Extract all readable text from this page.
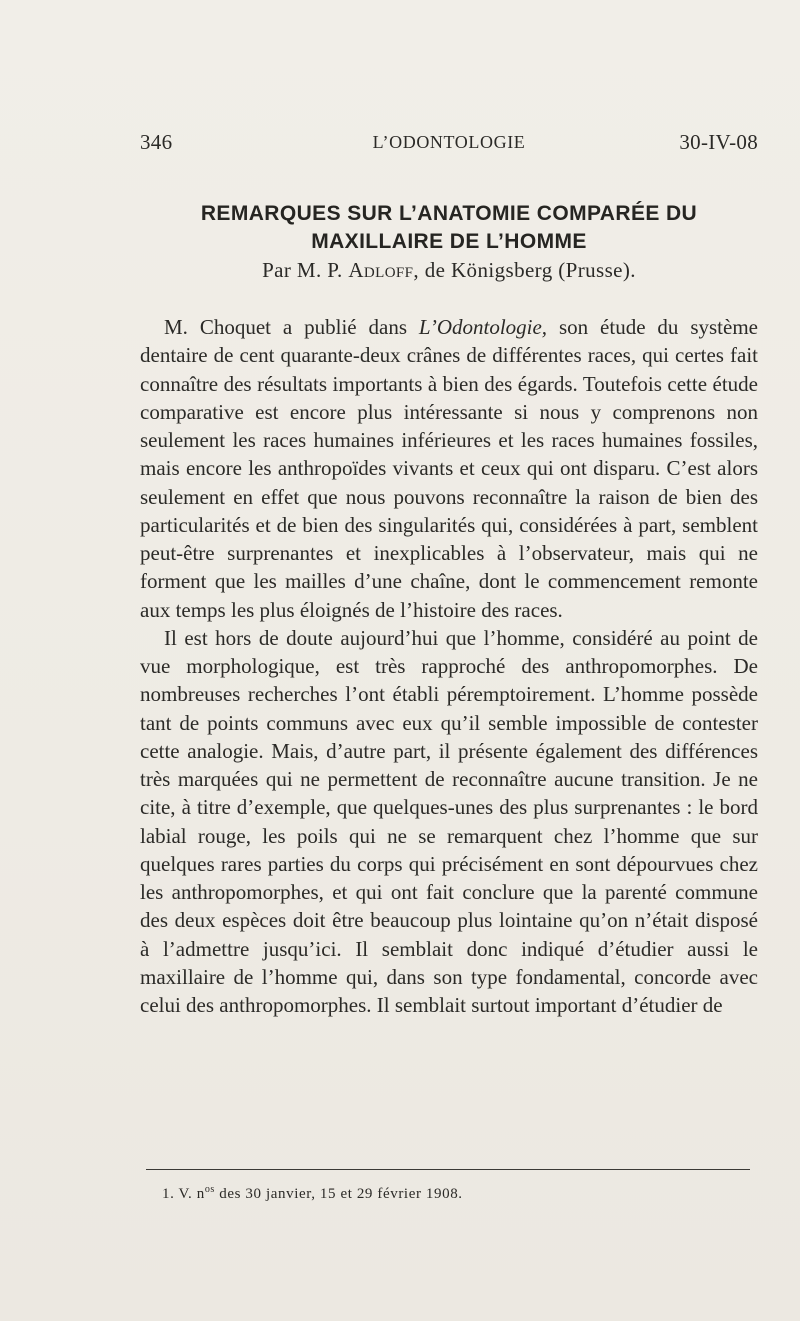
346	L’ODONTOLOGIE	30-IV-08
REMARQUES SUR L’ANATOMIE COMPARÉE DU
MAXILLAIRE DE L’HOMME
Par M. P. Adloff, de Königsberg (Prusse).

M. Choquet a publié dans L’Odontologie, son étude du système dentaire de cent quarante-deux crânes de différentes races, qui certes fait connaître des résultats importants à bien des égards. Toutefois cette étude comparative est encore plus intéressante si nous y comprenons non seulement les races humaines inférieures et les races humaines fossiles, mais encore les anthropoïdes vivants et ceux qui ont disparu. C’est alors seulement en effet que nous pouvons reconnaître la raison de bien des particularités et de bien des singularités qui, considérées à part, semblent peut-être surprenantes et inexplicables à l’observateur, mais qui ne forment que les mailles d’une chaîne, dont le commencement remonte aux temps les plus éloignés de l’histoire des races.

Il est hors de doute aujourd’hui que l’homme, considéré au point de vue morphologique, est très rapproché des anthropomorphes. De nombreuses recherches l’ont établi péremptoirement. L’homme possède tant de points communs avec eux qu’il semble impossible de contester cette analogie. Mais, d’autre part, il présente également des différences très marquées qui ne permettent de reconnaître aucune transition. Je ne cite, à titre d’exemple, que quelques-unes des plus surprenantes : le bord labial rouge, les poils qui ne se remarquent chez l’homme que sur quelques rares parties du corps qui précisément en sont dépourvues chez les anthropomorphes, et qui ont fait conclure que la parenté commune des deux espèces doit être beaucoup plus lointaine qu’on n’était disposé à l’admettre jusqu’ici. Il semblait donc indiqué d’étudier aussi le maxillaire de l’homme qui, dans son type fondamental, concorde avec celui des anthropomorphes. Il semblait surtout important d’étudier de

1. V. $n^{os}$ des 30 janvier, 15 et 29 février 1908.
